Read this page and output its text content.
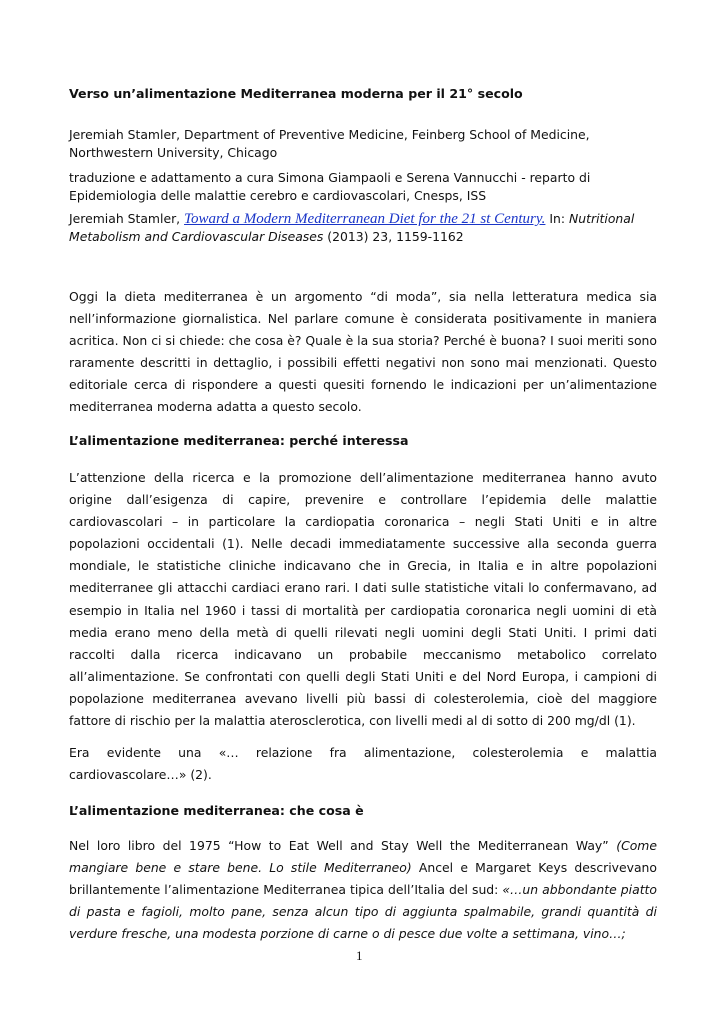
Verso un’alimentazione Mediterranea moderna per il 21° secolo

Jeremiah Stamler, Department of Preventive Medicine, Feinberg School of Medicine, Northwestern University, Chicago

traduzione e adattamento a cura Simona Giampaoli e Serena Vannucchi - reparto di Epidemiologia delle malattie cerebro e cardiovascolari, Cnesps, ISS

Jeremiah Stamler, Toward a Modern Mediterranean Diet for the 21 st Century. In: Nutritional Metabolism and Cardiovascular Diseases (2013) 23, 1159-1162

Oggi la dieta mediterranea è un argomento “di moda”, sia nella letteratura medica sia nell’informazione giornalistica. Nel parlare comune è considerata positivamente in maniera acritica. Non ci si chiede: che cosa è? Quale è la sua storia? Perché è buona? I suoi meriti sono raramente descritti in dettaglio, i possibili effetti negativi non sono mai menzionati. Questo editoriale cerca di rispondere a questi quesiti fornendo le indicazioni per un’alimentazione mediterranea moderna adatta a questo secolo.

L’alimentazione mediterranea: perché interessa

L’attenzione della ricerca e la promozione dell’alimentazione mediterranea hanno avuto origine dall’esigenza di capire, prevenire e controllare l’epidemia delle malattie cardiovascolari – in particolare la cardiopatia coronarica – negli Stati Uniti e in altre popolazioni occidentali (1). Nelle decadi immediatamente successive alla seconda guerra mondiale, le statistiche cliniche indicavano che in Grecia, in Italia e in altre popolazioni mediterranee gli attacchi cardiaci erano rari. I dati sulle statistiche vitali lo confermavano, ad esempio in Italia nel 1960 i tassi di mortalità per cardiopatia coronarica negli uomini di età media erano meno della metà di quelli rilevati negli uomini degli Stati Uniti. I primi dati raccolti dalla ricerca indicavano un probabile meccanismo metabolico correlato all’alimentazione. Se confrontati con quelli degli Stati Uniti e del Nord Europa, i campioni di popolazione mediterranea avevano livelli più bassi di colesterolemia, cioè del maggiore fattore di rischio per la malattia aterosclerotica, con livelli medi al di sotto di 200 mg/dl (1).

Era evidente una «… relazione fra alimentazione, colesterolemia e malattia cardiovascolare…» (2).

L’alimentazione mediterranea: che cosa è

Nel loro libro del 1975 “How to Eat Well and Stay Well the Mediterranean Way” (Come mangiare bene e stare bene. Lo stile Mediterraneo) Ancel e Margaret Keys descrivevano brillantemente l’alimentazione Mediterranea tipica dell’Italia del sud: «…un abbondante piatto di pasta e fagioli, molto pane, senza alcun tipo di aggiunta spalmabile, grandi quantità di verdure fresche, una modesta porzione di carne o di pesce due volte a settimana, vino…;

1
